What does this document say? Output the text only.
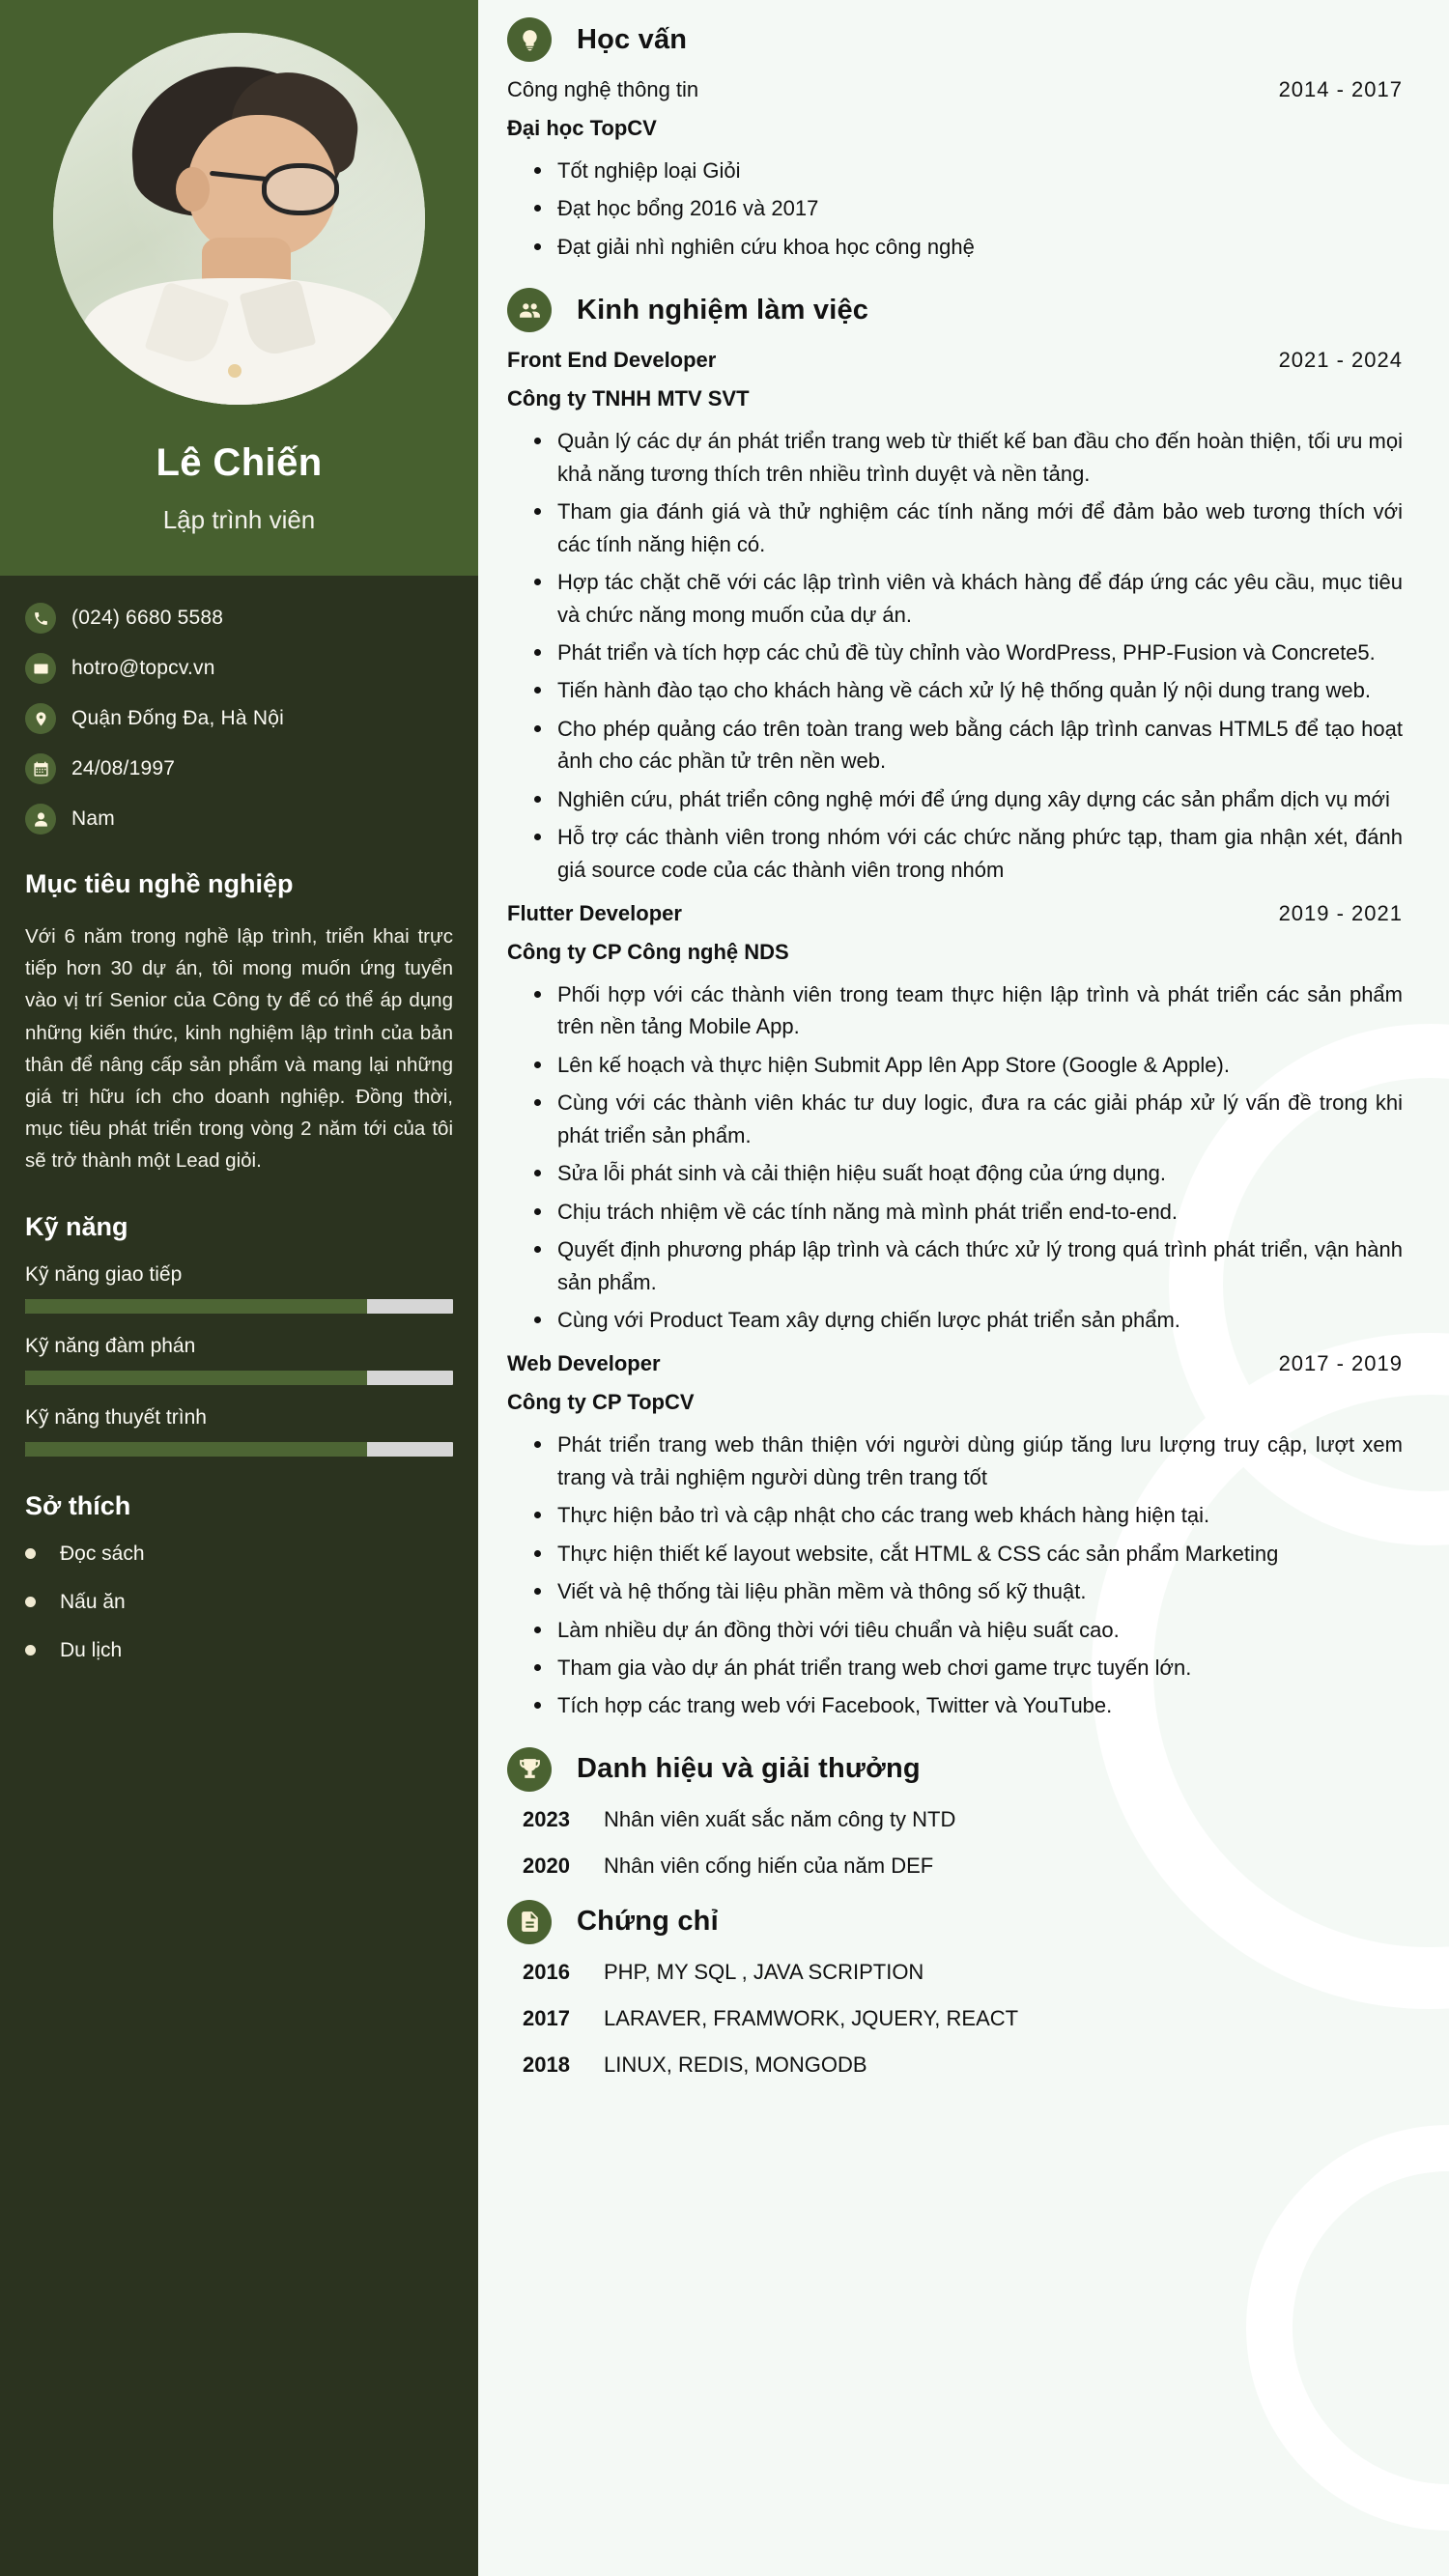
Lê Chiến
Lập trình viên
(024) 6680 5588
hotro@topcv.vn
Quận Đống Đa, Hà Nội
24/08/1997
Nam
Mục tiêu nghề nghiệp

Với 6 năm trong nghề lập trình, triển khai trực tiếp hơn 30 dự án, tôi mong muốn ứng tuyển vào vị trí Senior của Công ty để có thể áp dụng những kiến thức, kinh nghiệm lập trình của bản thân để nâng cấp sản phẩm và mang lại những giá trị hữu ích cho doanh nghiệp. Đồng thời, mục tiêu phát triển trong vòng 2 năm tới của tôi sẽ trở thành một Lead giỏi.

Kỹ năng
Kỹ năng giao tiếp
Kỹ năng đàm phán
Kỹ năng thuyết trình
Sở thích
Đọc sách
Nấu ăn
Du lịch
Học vấn
Công nghệ thông tin	2014 - 2017
Đại học TopCV
Tốt nghiệp loại Giỏi
Đạt học bổng 2016 và 2017
Đạt giải nhì nghiên cứu khoa học công nghệ
Kinh nghiệm làm việc
Front End Developer	2021 - 2024
Công ty TNHH MTV SVT
Quản lý các dự án phát triển trang web từ thiết kế ban đầu cho đến hoàn thiện, tối ưu mọi khả năng tương thích trên nhiều trình duyệt và nền tảng.
Tham gia đánh giá và thử nghiệm các tính năng mới để đảm bảo web tương thích với các tính năng hiện có.
Hợp tác chặt chẽ với các lập trình viên và khách hàng để đáp ứng các yêu cầu, mục tiêu và chức năng mong muốn của dự án.
Phát triển và tích hợp các chủ đề tùy chỉnh vào WordPress, PHP-Fusion và Concrete5.
Tiến hành đào tạo cho khách hàng về cách xử lý hệ thống quản lý nội dung trang web.
Cho phép quảng cáo trên toàn trang web bằng cách lập trình canvas HTML5 để tạo hoạt ảnh cho các phần tử trên nền web.
Nghiên cứu, phát triển công nghệ mới để ứng dụng xây dựng các sản phẩm dịch vụ mới
Hỗ trợ các thành viên trong nhóm với các chức năng phức tạp, tham gia nhận xét, đánh giá source code của các thành viên trong nhóm
Flutter Developer	2019 - 2021
Công ty CP Công nghệ NDS
Phối hợp với các thành viên trong team thực hiện lập trình và phát triển các sản phẩm trên nền tảng Mobile App.
Lên kế hoạch và thực hiện Submit App lên App Store (Google & Apple).
Cùng với các thành viên khác tư duy logic, đưa ra các giải pháp xử lý vấn đề trong khi phát triển sản phẩm.
Sửa lỗi phát sinh và cải thiện hiệu suất hoạt động của ứng dụng.
Chịu trách nhiệm về các tính năng mà mình phát triển end-to-end.
Quyết định phương pháp lập trình và cách thức xử lý trong quá trình phát triển, vận hành sản phẩm.
Cùng với Product Team xây dựng chiến lược phát triển sản phẩm.
Web Developer	2017 - 2019
Công ty CP TopCV
Phát triển trang web thân thiện với người dùng giúp tăng lưu lượng truy cập, lượt xem trang và trải nghiệm người dùng trên trang tốt
Thực hiện bảo trì và cập nhật cho các trang web khách hàng hiện tại.
Thực hiện thiết kế layout website, cắt HTML & CSS các sản phẩm Marketing
Viết và hệ thống tài liệu phần mềm và thông số kỹ thuật.
Làm nhiều dự án đồng thời với tiêu chuẩn và hiệu suất cao.
Tham gia vào dự án phát triển trang web chơi game trực tuyến lớn.
Tích hợp các trang web với Facebook, Twitter và YouTube.
Danh hiệu và giải thưởng
2023	Nhân viên xuất sắc năm công ty NTD
2020	Nhân viên cống hiến của năm DEF
Chứng chỉ
2016	PHP, MY SQL , JAVA SCRIPTION
2017	LARAVER, FRAMWORK, JQUERY, REACT
2018	LINUX, REDIS, MONGODB
